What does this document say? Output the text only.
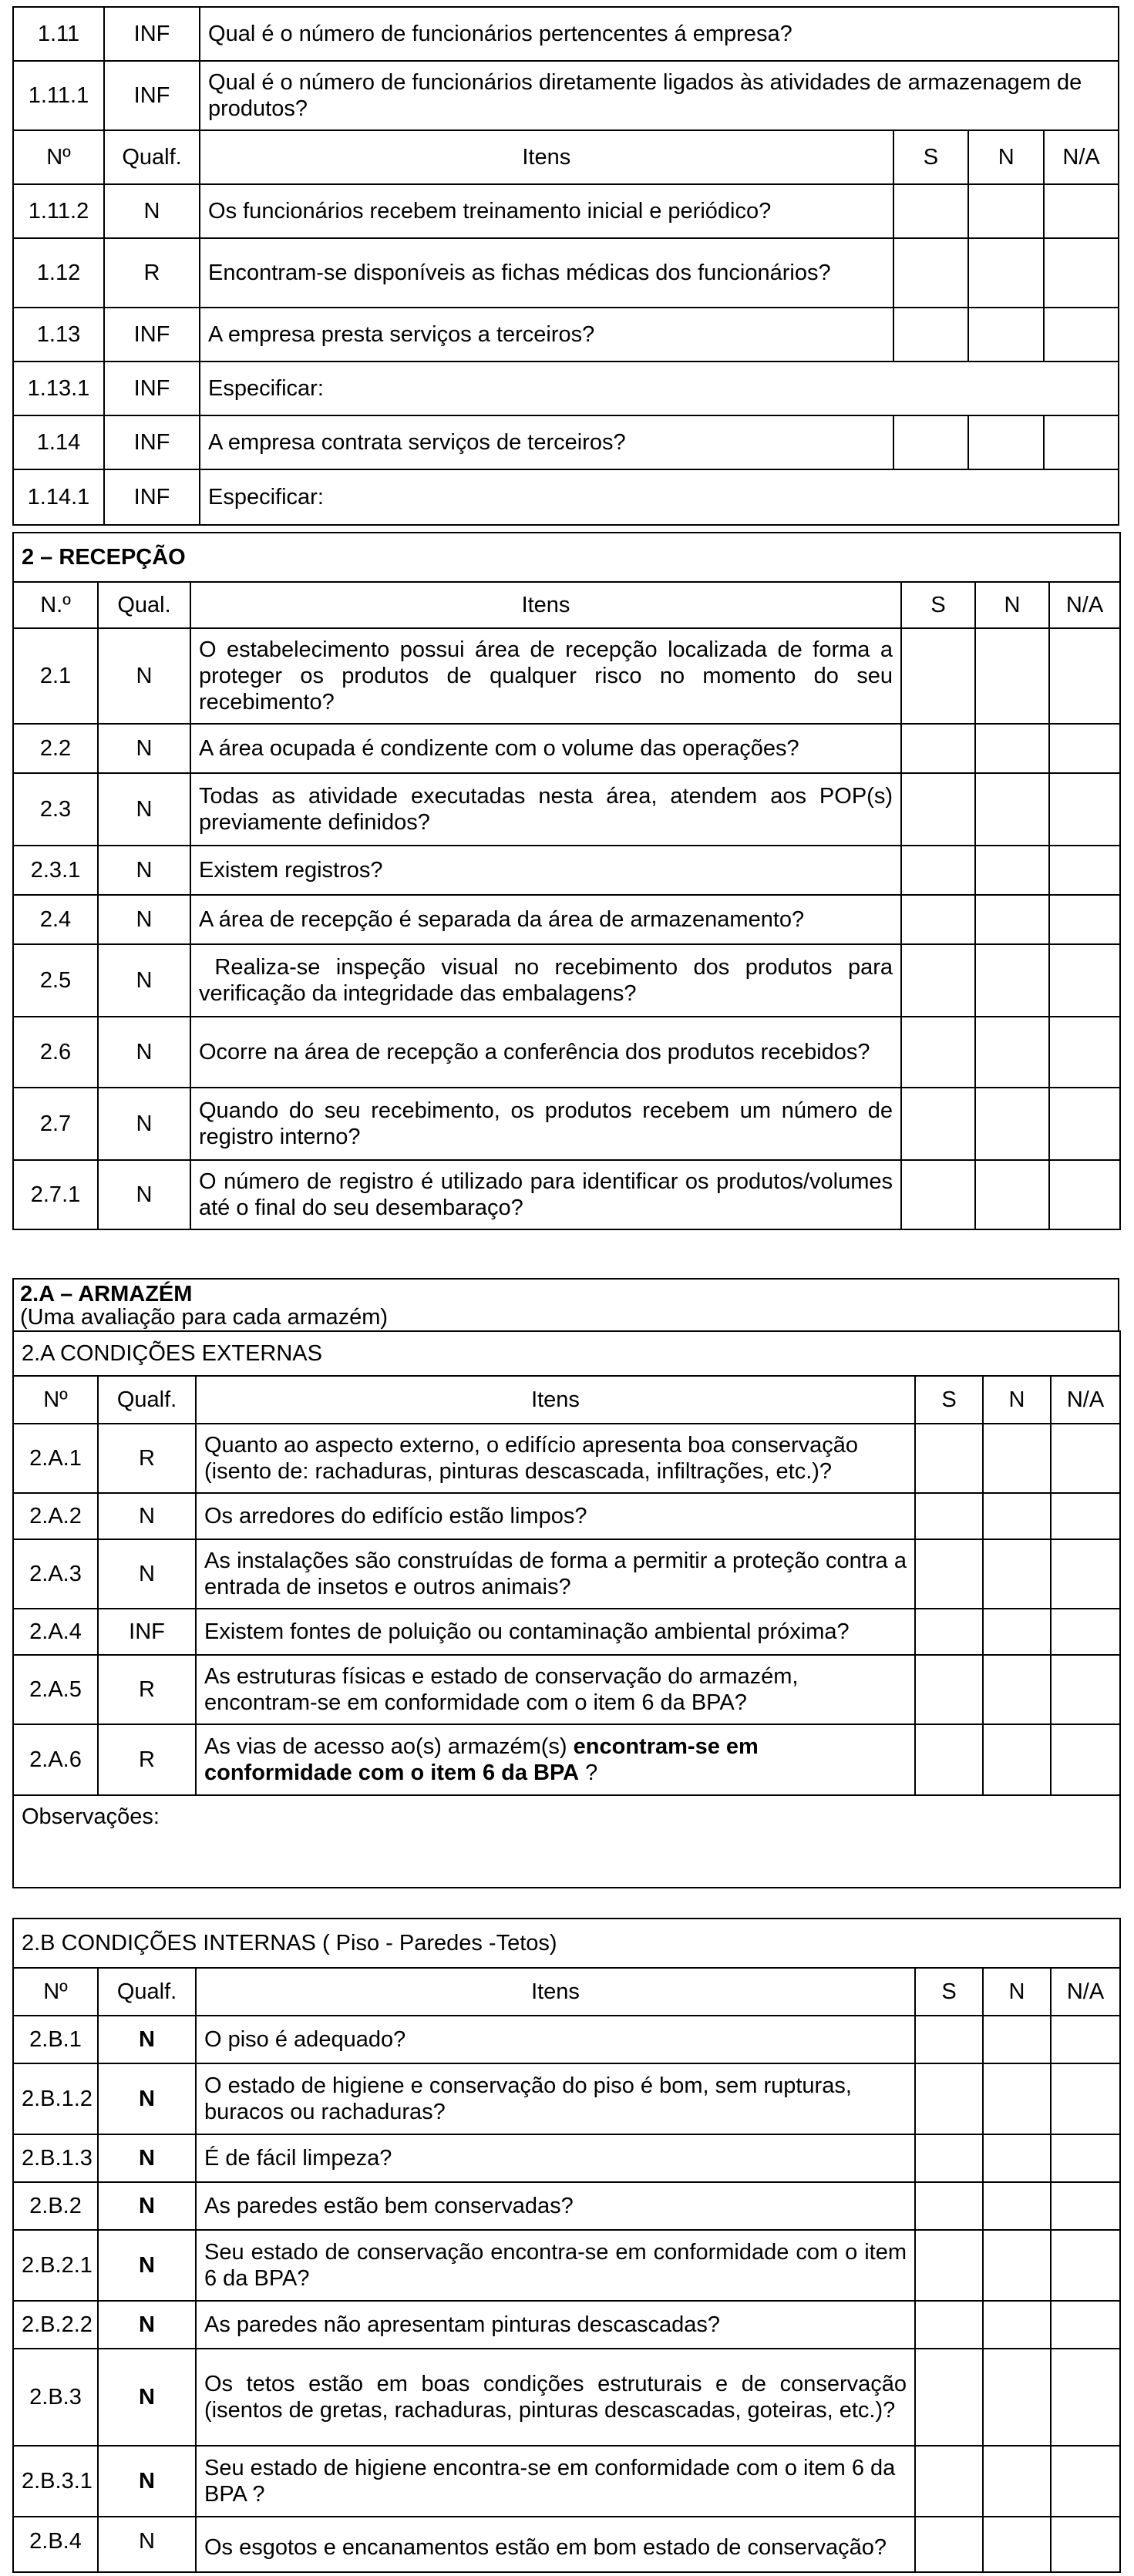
1.11	INF	Qual é o número de funcionários pertencentes á empresa?			
1.11.1	INF	Qual é o número de funcionários diretamente ligados às atividades de armazenagem de produtos?			
Nº	Qualf.	Itens	S	N	N/A
1.11.2	N	Os funcionários recebem treinamento inicial e periódico?			
1.12	R	Encontram-se disponíveis as fichas médicas dos funcionários?			
1.13	INF	A empresa presta serviços a terceiros?			
1.13.1	INF	Especificar:			
1.14	INF	A empresa contrata serviços de terceiros?			
1.14.1	INF	Especificar:			
2 – RECEPÇÃO					
N.º	Qual.	Itens	S	N	N/A
2.1	N	O estabelecimento possui área de recepção localizada de forma a proteger os produtos de qualquer risco no momento do seu recebimento?			
2.2	N	A área ocupada é condizente com o volume das operações?			
2.3	N	Todas as atividade executadas nesta área, atendem aos POP(s) previamente definidos?			
2.3.1	N	Existem registros?			
2.4	N	A área de recepção é separada da área de armazenamento?			
2.5	N	Realiza-se inspeção visual no recebimento dos produtos para verificação da integridade das embalagens?			
2.6	N	Ocorre na área de recepção a conferência dos produtos recebidos?			
2.7	N	Quando do seu recebimento, os produtos recebem um número de registro interno?			
2.7.1	N	O número de registro é utilizado para identificar os produtos/volumes até o final do seu desembaraço?			
2.A – ARMAZÉM
(Uma avaliação para cada armazém)
2.A CONDIÇÕES EXTERNAS					
Nº	Qualf.	Itens	S	N	N/A
2.A.1	R	Quanto ao aspecto externo, o edifício apresenta boa conservação (isento de: rachaduras, pinturas descascada, infiltrações, etc.)?			
2.A.2	N	Os arredores do edifício estão limpos?			
2.A.3	N	As instalações são construídas de forma a permitir a proteção contra a entrada de insetos e outros animais?			
2.A.4	INF	Existem fontes de poluição ou contaminação ambiental próxima?			
2.A.5	R	As estruturas físicas e estado de conservação do armazém, encontram-se em conformidade com o item 6 da BPA?			
2.A.6	R	As vias de acesso ao(s) armazém(s) encontram-se em conformidade com o item 6 da BPA ?			
Observações:					
2.B CONDIÇÕES INTERNAS ( Piso - Paredes -Tetos)					
Nº	Qualf.	Itens	S	N	N/A
2.B.1	N	O piso é adequado?			
2.B.1.2	N	O estado de higiene e conservação do piso é bom, sem rupturas, buracos ou rachaduras?			
2.B.1.3	N	É de fácil limpeza?			
2.B.2	N	As paredes estão bem conservadas?			
2.B.2.1	N	Seu estado de conservação encontra-se em conformidade com o item 6 da BPA?			
2.B.2.2	N	As paredes não apresentam pinturas descascadas?			
2.B.3	N	Os tetos estão em boas condições estruturais e de conservação (isentos de gretas, rachaduras, pinturas descascadas, goteiras, etc.)?			
2.B.3.1	N	Seu estado de higiene encontra-se em conformidade com o item 6 da BPA ?			
2.B.4	N	Os esgotos e encanamentos estão em bom estado de conservação?			
